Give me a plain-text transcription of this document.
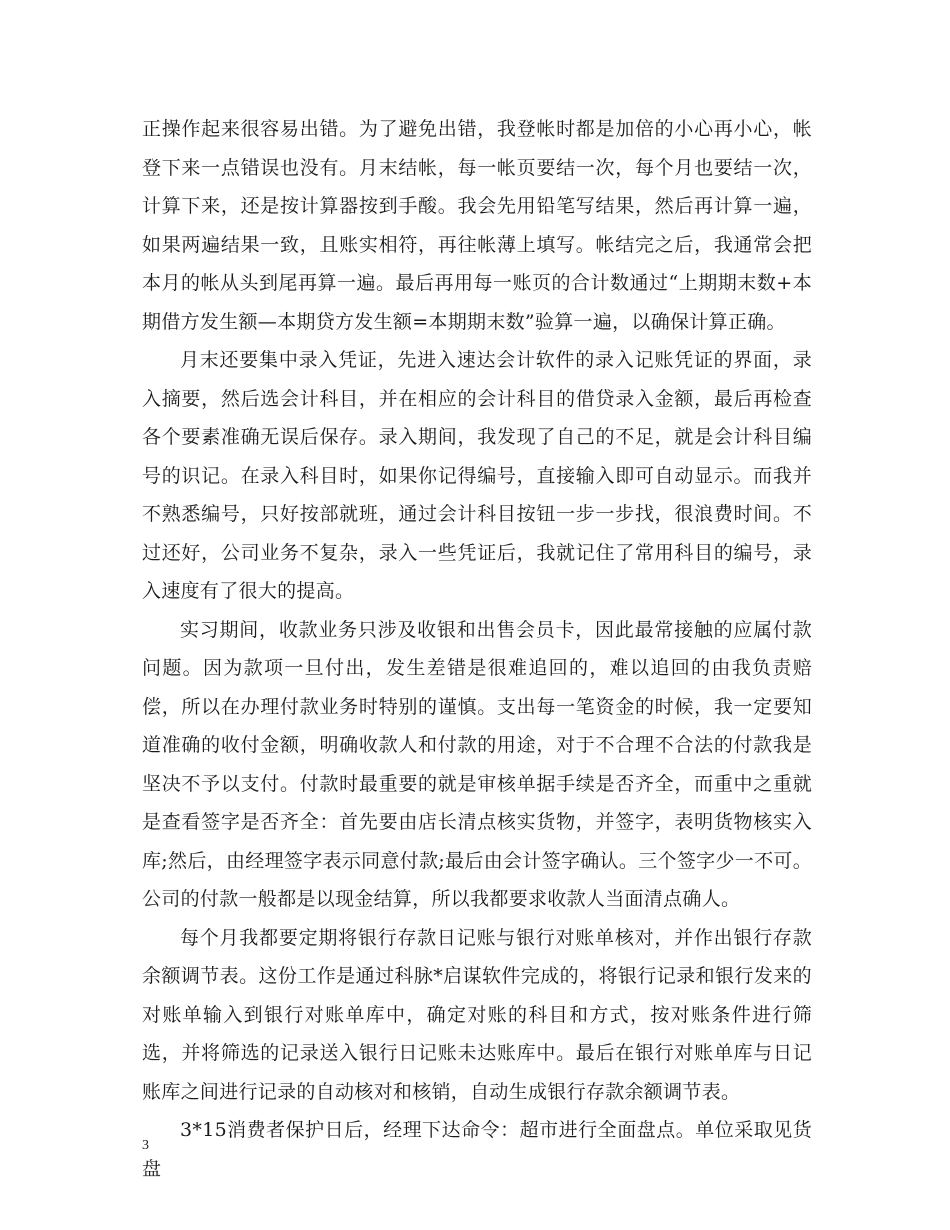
正操作起来很容易出错。为了避免出错，我登帐时都是加倍的小心再小心，帐登下来一点错误也没有。月末结帐，每一帐页要结一次，每个月也要结一次，计算下来，还是按计算器按到手酸。我会先用铅笔写结果，然后再计算一遍，如果两遍结果一致，且账实相符，再往帐薄上填写。帐结完之后，我通常会把本月的帐从头到尾再算一遍。最后再用每一账页的合计数通过“上期期末数+本期借方发生额—本期贷方发生额=本期期末数”验算一遍，以确保计算正确。

月末还要集中录入凭证，先进入速达会计软件的录入记账凭证的界面，录入摘要，然后选会计科目，并在相应的会计科目的借贷录入金额，最后再检查各个要素准确无误后保存。录入期间，我发现了自己的不足，就是会计科目编号的识记。在录入科目时，如果你记得编号，直接输入即可自动显示。而我并不熟悉编号，只好按部就班，通过会计科目按钮一步一步找，很浪费时间。不过还好，公司业务不复杂，录入一些凭证后，我就记住了常用科目的编号，录入速度有了很大的提高。

实习期间，收款业务只涉及收银和出售会员卡，因此最常接触的应属付款问题。因为款项一旦付出，发生差错是很难追回的，难以追回的由我负责赔偿，所以在办理付款业务时特别的谨慎。支出每一笔资金的时候，我一定要知道准确的收付金额，明确收款人和付款的用途，对于不合理不合法的付款我是坚决不予以支付。付款时最重要的就是审核单据手续是否齐全，而重中之重就是查看签字是否齐全：首先要由店长清点核实货物，并签字，表明货物核实入库;然后，由经理签字表示同意付款;最后由会计签字确认。三个签字少一不可。公司的付款一般都是以现金结算，所以我都要求收款人当面清点确人。

每个月我都要定期将银行存款日记账与银行对账单核对，并作出银行存款余额调节表。这份工作是通过科脉*启谋软件完成的，将银行记录和银行发来的对账单输入到银行对账单库中，确定对账的科目和方式，按对账条件进行筛选，并将筛选的记录送入银行日记账未达账库中。最后在银行对账单库与日记账库之间进行记录的自动核对和核销，自动生成银行存款余额调节表。

3*15消费者保护日后，经理下达命令：超市进行全面盘点。单位采取见货盘

3
